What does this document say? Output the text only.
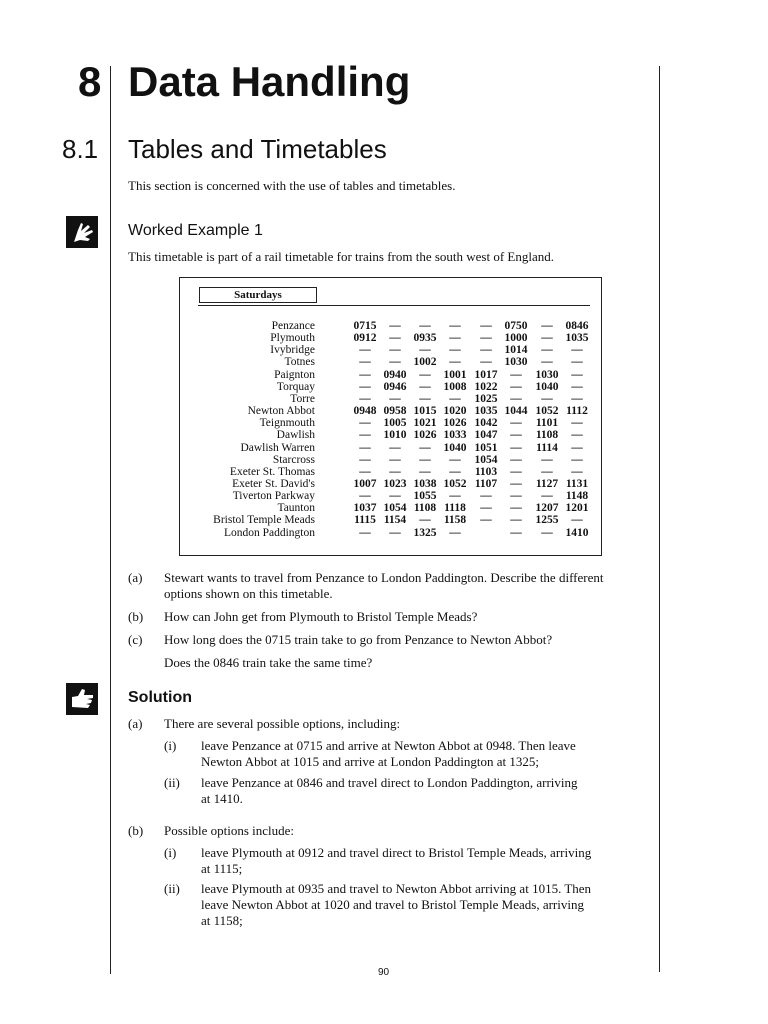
8 Data Handling
8.1 Tables and Timetables
This section is concerned with the use of tables and timetables.
Worked Example 1
This timetable is part of a rail timetable for trains from the south west of England.
Saturdays
Penzance
Plymouth
Ivybridge
Totnes
Paignton
Torquay
Torre
Newton Abbot
Teignmouth
Dawlish
Dawlish Warren
Starcross
Exeter St. Thomas
Exeter St. David's
Tiverton Parkway
Taunton
Bristol Temple Meads
London Paddington
0715
0912
—
—
—
—
—
0948
—
—
—
—
—
1007
—
1037
1115
—
—
—
—
—
0940
0946
—
0958
1005
1010
—
—
—
1023
—
1054
1154
—
—
0935
—
1002
—
—
—
1015
1021
1026
—
—
—
1038
1055
1108
—
1325
—
—
—
—
1001
1008
—
1020
1026
1033
1040
—
—
1052
—
1118
1158
—
—
—
—
—
1017
1022
1025
1035
1042
1047
1051
1054
1103
1107
—
—
—
0750
1000
1014
1030
—
—
—
1044
—
—
—
—
—
—
—
—
—
—
—
—
—
—
1030
1040
—
1052
1101
1108
1114
—
—
1127
—
1207
1255
—
0846
1035
—
—
—
—
—
1112
—
—
—
—
—
1131
1148
1201
—
1410
(a) Stewart wants to travel from Penzance to London Paddington. Describe the different
options shown on this timetable.
(b) How can John get from Plymouth to Bristol Temple Meads?
(c) How long does the 0715 train take to go from Penzance to Newton Abbot?
Does the 0846 train take the same time?
Solution
(a) There are several possible options, including:
(i) leave Penzance at 0715 and arrive at Newton Abbot at 0948. Then leave
Newton Abbot at 1015 and arrive at London Paddington at 1325;
(ii) leave Penzance at 0846 and travel direct to London Paddington, arriving
at 1410.
(b) Possible options include:
(i) leave Plymouth at 0912 and travel direct to Bristol Temple Meads, arriving
at 1115;
(ii) leave Plymouth at 0935 and travel to Newton Abbot arriving at 1015. Then
leave Newton Abbot at 1020 and travel to Bristol Temple Meads, arriving
at 1158;
90
